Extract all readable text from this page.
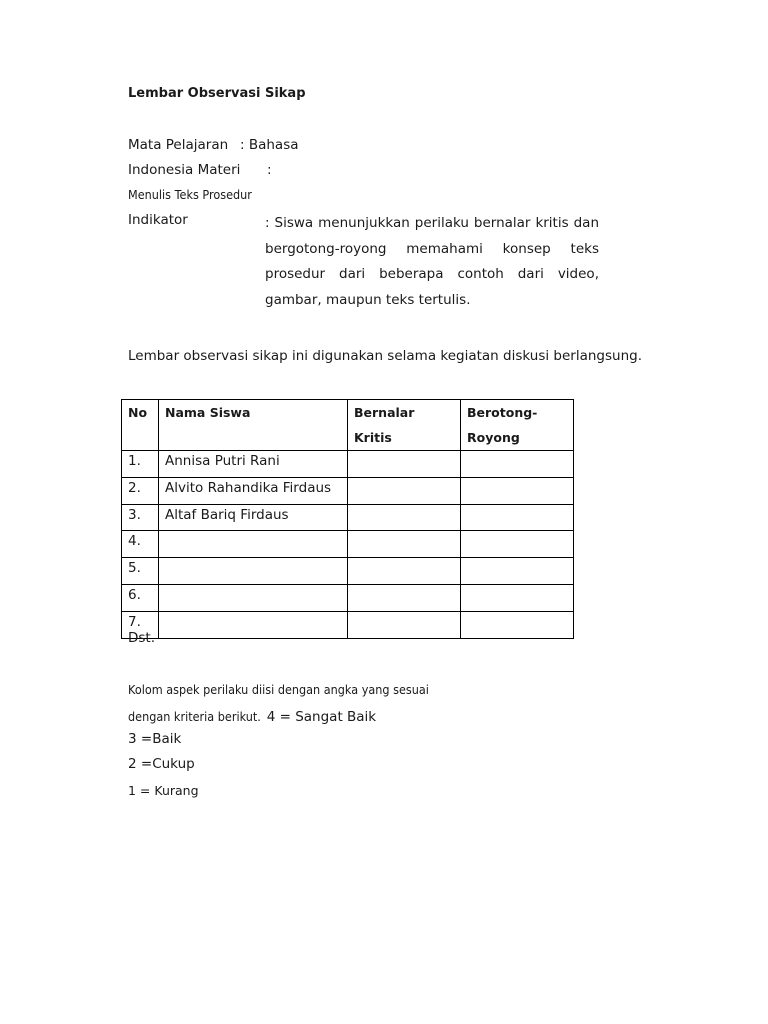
Lembar Observasi Sikap
Mata Pelajaran : Bahasa
Indonesia Materi :
Menulis Teks Prosedur
Indikator	: Siswa menunjukkan perilaku bernalar kritis dan
bergotong-royong memahami konsep teks
prosedur dari beberapa contoh dari video,
gambar, maupun teks tertulis.
Lembar observasi sikap ini digunakan selama kegiatan diskusi berlangsung.
No	Nama Siswa	Bernalar Kritis	Berotong-
Royong

1.	Annisa Putri Rani		
2.	Alvito Rahandika Firdaus		
3.	Altaf Bariq Firdaus		
4.			
5.			
6.			
7.			
Dst.
Kolom aspek perilaku diisi dengan angka yang sesuai
dengan kriteria berikut. 4 = Sangat Baik
3 =Baik
2 =Cukup
1 = Kurang
